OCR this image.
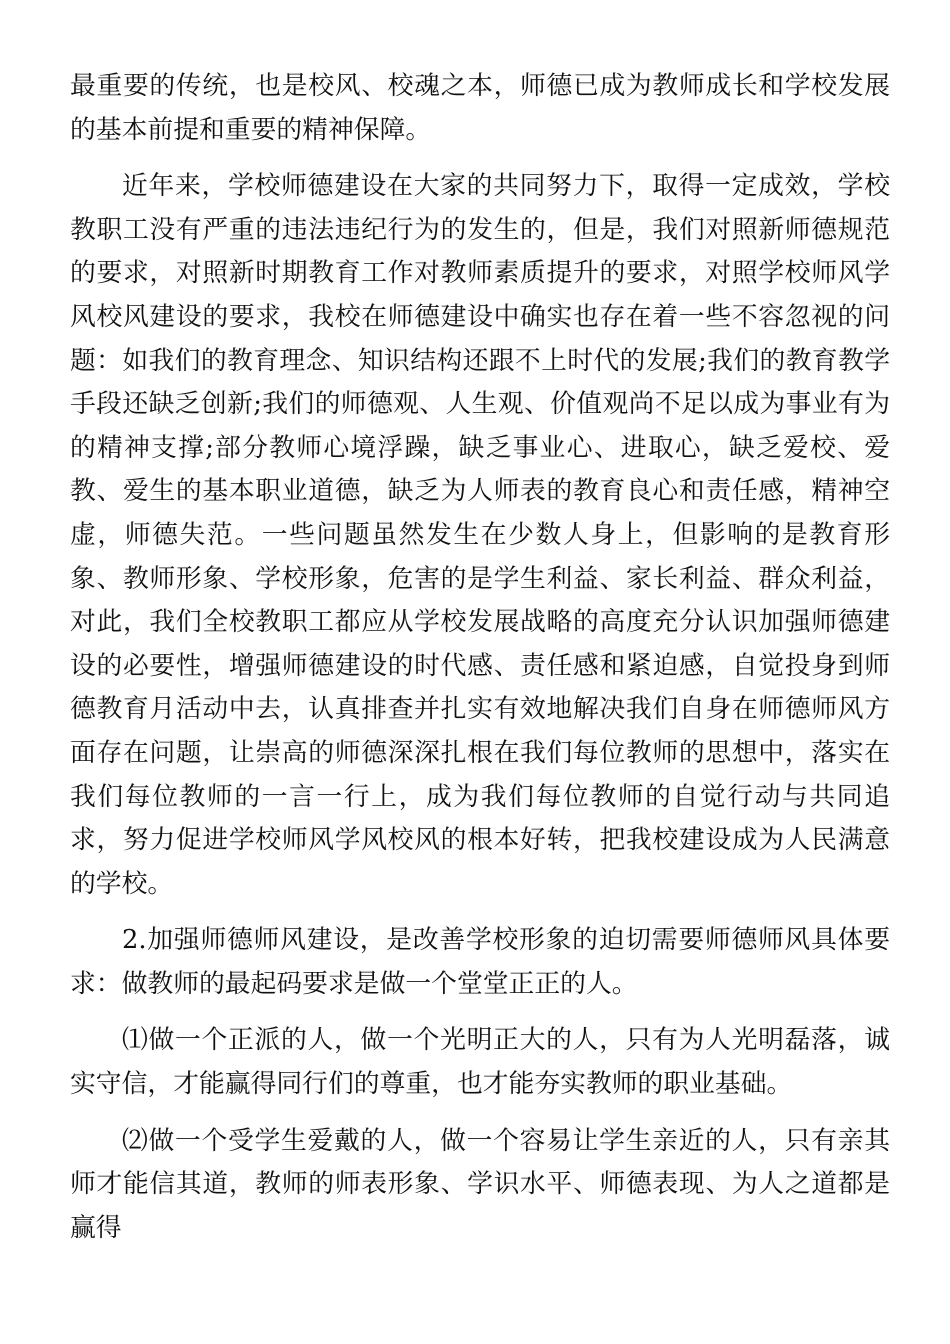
最重要的传统，也是校风、校魂之本，师德已成为教师成长和学校发展的基本前提和重要的精神保障。

近年来，学校师德建设在大家的共同努力下，取得一定成效，学校教职工没有严重的违法违纪行为的发生的，但是，我们对照新师德规范的要求，对照新时期教育工作对教师素质提升的要求，对照学校师风学风校风建设的要求，我校在师德建设中确实也存在着一些不容忽视的问题：如我们的教育理念、知识结构还跟不上时代的发展;我们的教育教学手段还缺乏创新;我们的师德观、人生观、价值观尚不足以成为事业有为的精神支撑;部分教师心境浮躁，缺乏事业心、进取心，缺乏爱校、爱教、爱生的基本职业道德，缺乏为人师表的教育良心和责任感，精神空虚，师德失范。一些问题虽然发生在少数人身上，但影响的是教育形象、教师形象、学校形象，危害的是学生利益、家长利益、群众利益，对此，我们全校教职工都应从学校发展战略的高度充分认识加强师德建设的必要性，增强师德建设的时代感、责任感和紧迫感，自觉投身到师德教育月活动中去，认真排查并扎实有效地解决我们自身在师德师风方面存在问题，让崇高的师德深深扎根在我们每位教师的思想中，落实在我们每位教师的一言一行上，成为我们每位教师的自觉行动与共同追求，努力促进学校师风学风校风的根本好转，把我校建设成为人民满意的学校。

2.加强师德师风建设，是改善学校形象的迫切需要师德师风具体要求：做教师的最起码要求是做一个堂堂正正的人。

⑴做一个正派的人，做一个光明正大的人，只有为人光明磊落，诚实守信，才能赢得同行们的尊重，也才能夯实教师的职业基础。

⑵做一个受学生爱戴的人，做一个容易让学生亲近的人，只有亲其师才能信其道，教师的师表形象、学识水平、师德表现、为人之道都是赢得
